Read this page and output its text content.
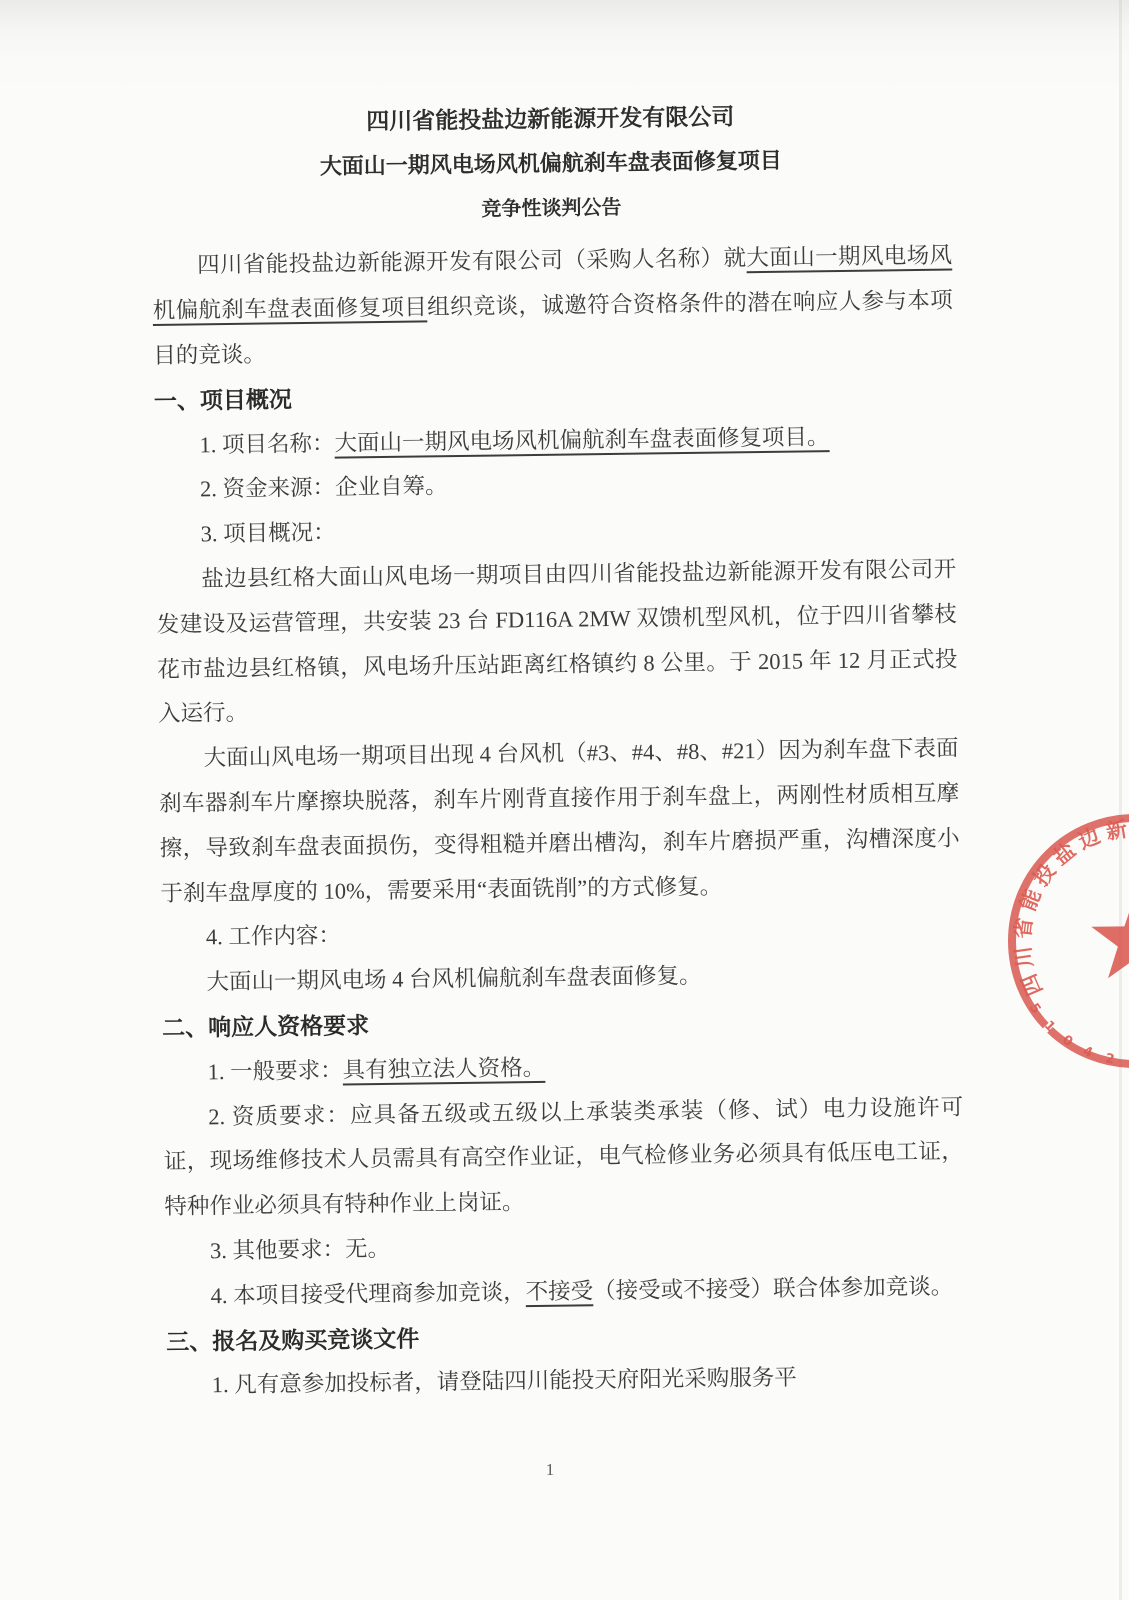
四川省能投盐边新能源开发有限公司
大面山一期风电场风机偏航刹车盘表面修复项目
竞争性谈判公告
四川省能投盐边新能源开发有限公司（采购人名称）就大面山一期风电场风机偏航刹车盘表面修复项目组织竞谈，诚邀符合资格条件的潜在响应人参与本项目的竞谈。
一、项目概况
1. 项目名称：大面山一期风电场风机偏航刹车盘表面修复项目。
2. 资金来源：企业自筹。
3. 项目概况：
盐边县红格大面山风电场一期项目由四川省能投盐边新能源开发有限公司开发建设及运营管理，共安装 23 台 FD116A 2MW 双馈机型风机，位于四川省攀枝花市盐边县红格镇，风电场升压站距离红格镇约 8 公里。于 2015 年 12 月正式投入运行。
大面山风电场一期项目出现 4 台风机（#3、#4、#8、#21）因为刹车盘下表面刹车器刹车片摩擦块脱落，刹车片刚背直接作用于刹车盘上，两刚性材质相互摩擦，导致刹车盘表面损伤，变得粗糙并磨出槽沟，刹车片磨损严重，沟槽深度小于刹车盘厚度的 10%，需要采用“表面铣削”的方式修复。
4. 工作内容：
大面山一期风电场 4 台风机偏航刹车盘表面修复。
二、响应人资格要求
1. 一般要求：具有独立法人资格。
2. 资质要求：应具备五级或五级以上承装类承装（修、试）电力设施许可证，现场维修技术人员需具有高空作业证，电气检修业务必须具有低压电工证，特种作业必须具有特种作业上岗证。
3. 其他要求：无。
4. 本项目接受代理商参加竞谈，不接受（接受或不接受）联合体参加竞谈。
三、报名及购买竞谈文件
1. 凡有意参加投标者，请登陆四川能投天府阳光采购服务平
四
川
省
能
投
盐
边 新
5
1
0
4 2
1
